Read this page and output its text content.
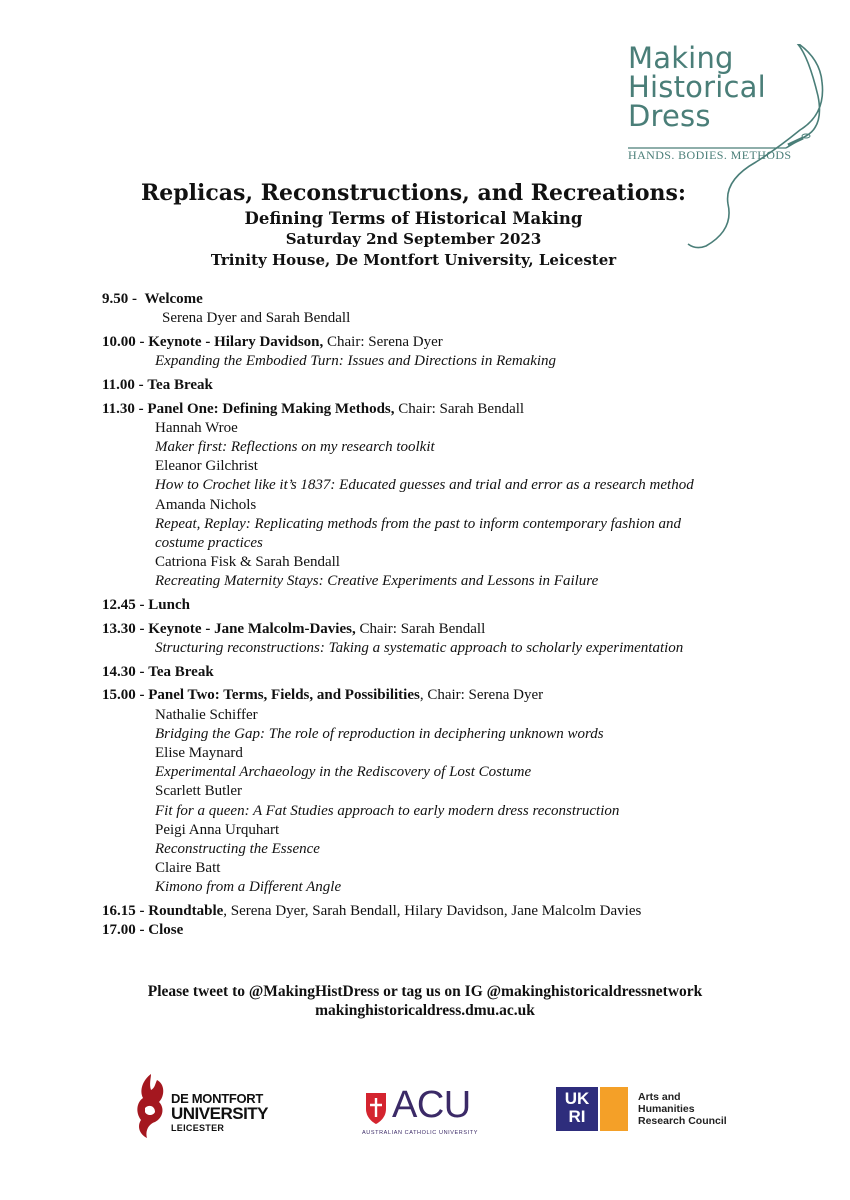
Making
Historical
Dress
HANDS. BODIES. METHODS
Replicas, Reconstructions, and Recreations:
Defining Terms of Historical Making
Saturday 2nd September 2023
Trinity House, De Montfort University, Leicester
9.50 - Welcome
Serena Dyer and Sarah Bendall
10.00 - Keynote - Hilary Davidson, Chair: Serena Dyer
Expanding the Embodied Turn: Issues and Directions in Remaking
11.00 - Tea Break
11.30 - Panel One: Defining Making Methods, Chair: Sarah Bendall
Hannah Wroe
Maker first: Reflections on my research toolkit
Eleanor Gilchrist
How to Crochet like it’s 1837: Educated guesses and trial and error as a research method
Amanda Nichols
Repeat, Replay: Replicating methods from the past to inform contemporary fashion and
costume practices
Catriona Fisk & Sarah Bendall
Recreating Maternity Stays: Creative Experiments and Lessons in Failure
12.45 - Lunch
13.30 - Keynote - Jane Malcolm-Davies, Chair: Sarah Bendall
Structuring reconstructions: Taking a systematic approach to scholarly experimentation
14.30 - Tea Break
15.00 - Panel Two: Terms, Fields, and Possibilities, Chair: Serena Dyer
Nathalie Schiffer
Bridging the Gap: The role of reproduction in deciphering unknown words
Elise Maynard
Experimental Archaeology in the Rediscovery of Lost Costume
Scarlett Butler
Fit for a queen: A Fat Studies approach to early modern dress reconstruction
Peigi Anna Urquhart
Reconstructing the Essence
Claire Batt
Kimono from a Different Angle
16.15 - Roundtable, Serena Dyer, Sarah Bendall, Hilary Davidson, Jane Malcolm Davies
17.00 - Close
Please tweet to @MakingHistDress or tag us on IG @makinghistoricaldressnetwork
makinghistoricaldress.dmu.ac.uk
DE MONTFORT
UNIVERSITY
LEICESTER
ACU
AUSTRALIAN CATHOLIC UNIVERSITY
UK
RI
Arts and
Humanities
Research Council
